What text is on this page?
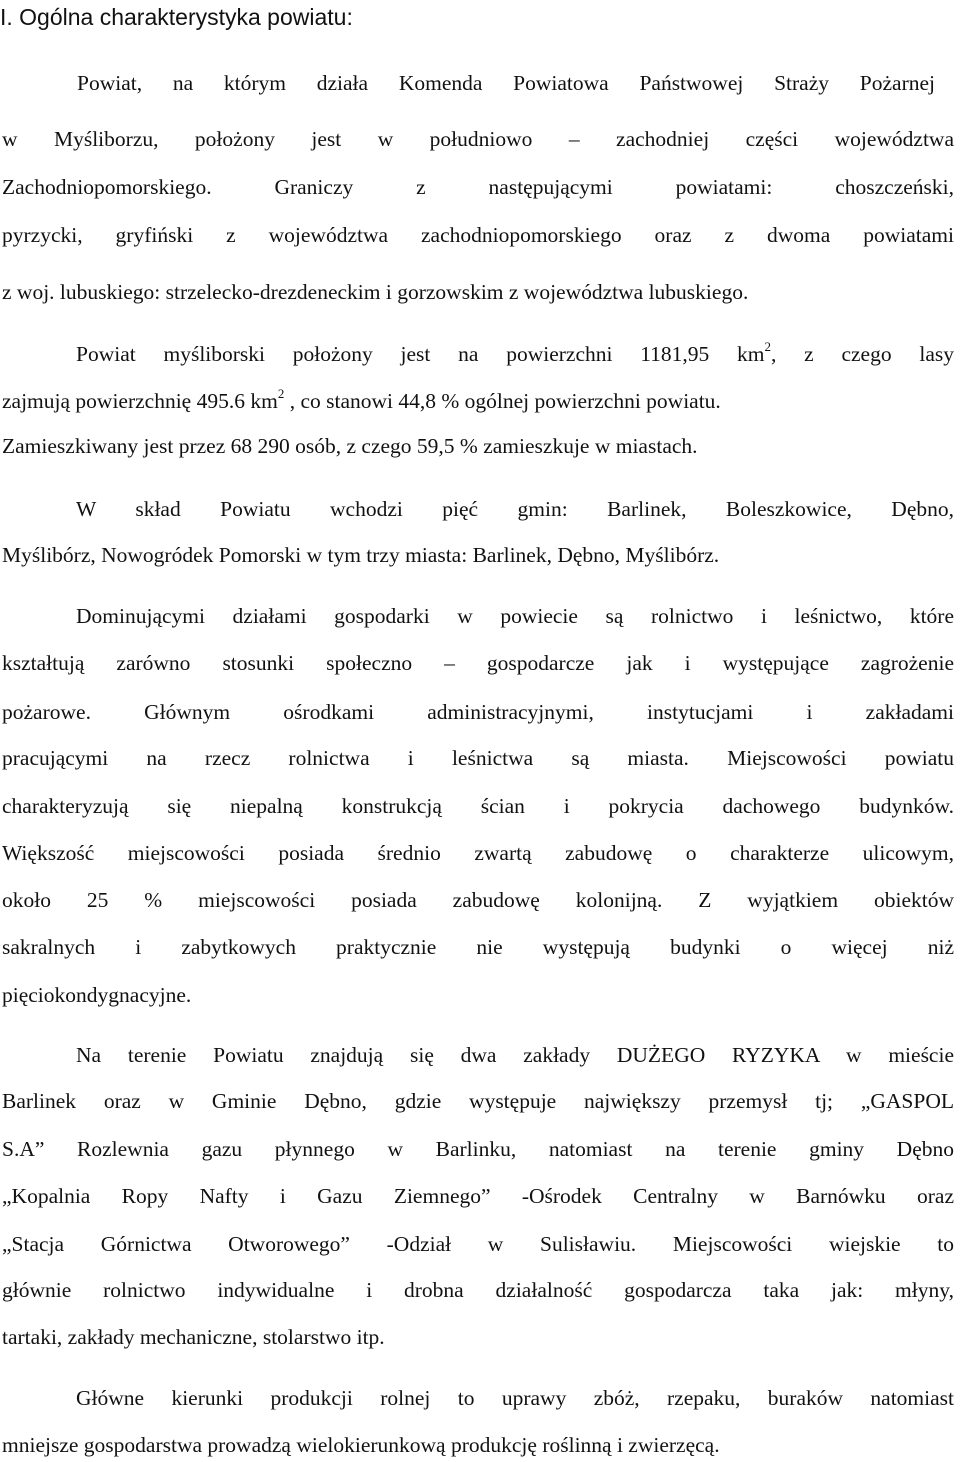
I. Ogólna charakterystyka powiatu:

Powiat, na którym działa Komenda Powiatowa Państwowej Straży Pożarnej

w Myśliborzu, położony jest w południowo – zachodniej części województwa

Zachodniopomorskiego. Graniczy z następującymi powiatami: choszczeński,

pyrzycki, gryfiński z województwa zachodniopomorskiego oraz z dwoma powiatami

z woj. lubuskiego: strzelecko-drezdeneckim i gorzowskim z województwa lubuskiego.

Powiat myśliborski położony jest na powierzchni 1181,95 $km^2$, z czego lasy

zajmują powierzchnię 495.6 $km^2$ , co stanowi 44,8 % ogólnej powierzchni powiatu.

Zamieszkiwany jest przez 68 290 osób, z czego 59,5 % zamieszkuje w miastach.

W skład Powiatu wchodzi pięć gmin: Barlinek, Boleszkowice, Dębno,

Myślibórz, Nowogródek Pomorski w tym trzy miasta: Barlinek, Dębno, Myślibórz.

Dominującymi działami gospodarki w powiecie są rolnictwo i leśnictwo, które

kształtują zarówno stosunki społeczno – gospodarcze jak i występujące zagrożenie

pożarowe. Głównym ośrodkami administracyjnymi, instytucjami i zakładami

pracującymi na rzecz rolnictwa i leśnictwa są miasta. Miejscowości powiatu

charakteryzują się niepalną konstrukcją ścian i pokrycia dachowego budynków.

Większość miejscowości posiada średnio zwartą zabudowę o charakterze ulicowym,

około 25 % miejscowości posiada zabudowę kolonijną. Z wyjątkiem obiektów

sakralnych i zabytkowych praktycznie nie występują budynki o więcej niż

pięciokondygnacyjne.

Na terenie Powiatu znajdują się dwa zakłady DUŻEGO RYZYKA w mieście

Barlinek oraz w Gminie Dębno, gdzie występuje największy przemysł tj; „GASPOL

S.A” Rozlewnia gazu płynnego w Barlinku, natomiast na terenie gminy Dębno

„Kopalnia Ropy Nafty i Gazu Ziemnego” -Ośrodek Centralny w Barnówku oraz

„Stacja Górnictwa Otworowego” -Odział w Sulisławiu. Miejscowości wiejskie to

głównie rolnictwo indywidualne i drobna działalność gospodarcza taka jak: młyny,

tartaki, zakłady mechaniczne, stolarstwo itp.

Główne kierunki produkcji rolnej to uprawy zbóż, rzepaku, buraków natomiast

mniejsze gospodarstwa prowadzą wielokierunkową produkcję roślinną i zwierzęcą.
